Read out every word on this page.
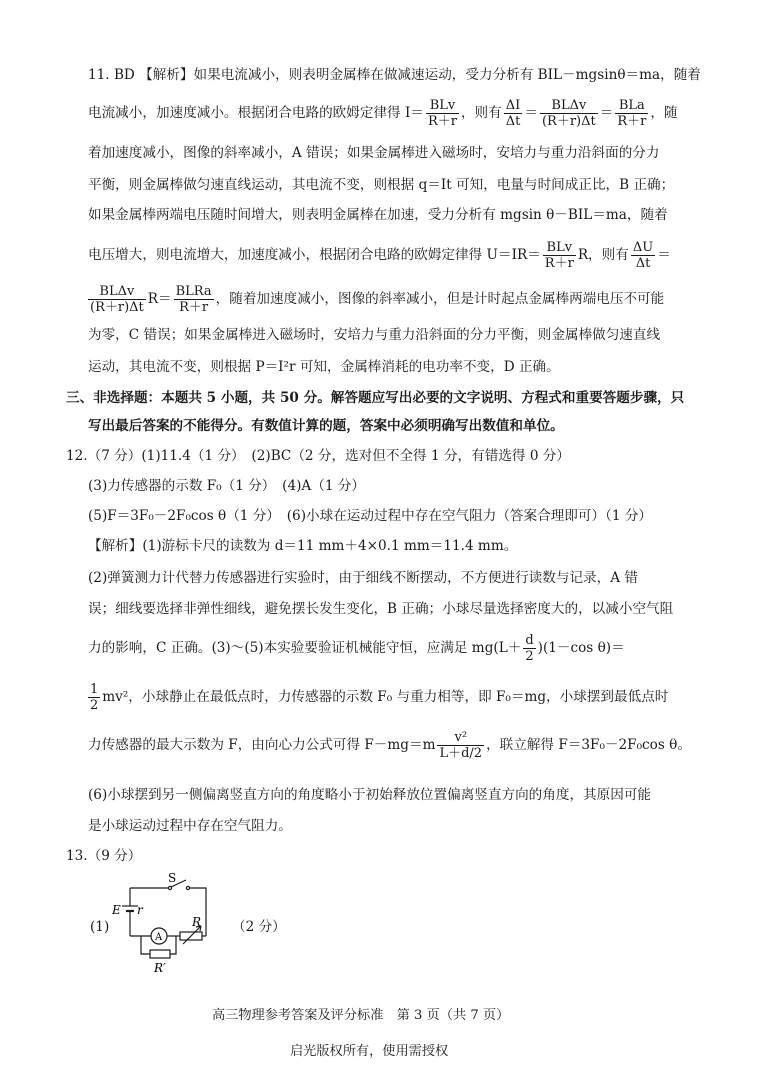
11. BD 【解析】如果电流减小，则表明金属棒在做减速运动，受力分析有 BIL－mgsinθ＝ma，随着
电流减小，加速度减小。根据闭合电路的欧姆定律得 $I= \frac{\text{BLv}}{R+r}$ ，则有 $\frac{\Delta I}{\Delta t} = \frac{\text{BLΔv}}{(R+r)\Delta t} = \frac{\text{BLa}}{R+r}$ ，随
着加速度减小，图像的斜率减小，A 错误；如果金属棒进入磁场时，安培力与重力沿斜面的分力
平衡，则金属棒做匀速直线运动，其电流不变，则根据 q＝It 可知，电量与时间成正比，B 正确；
如果金属棒两端电压随时间增大，则表明金属棒在加速，受力分析有 mgsin θ－BIL＝ma，随着
电压增大，则电流增大，加速度减小，根据闭合电路的欧姆定律得 $U=IR= \frac{\text{BLv}}{R+r}$ R，则有 $\frac{\Delta U}{\Delta t}$ ＝
$\frac{\text{BLΔv}}{(R+r)\Delta t} R= \frac{\text{BLRa}}{R+r}$ ，随着加速度减小，图像的斜率减小，但是计时起点金属棒两端电压不可能
为零，C 错误；如果金属棒进入磁场时，安培力与重力沿斜面的分力平衡，则金属棒做匀速直线
运动，其电流不变，则根据 P＝I²r 可知，金属棒消耗的电功率不变，D 正确。
三、非选择题：本题共 5 小题，共 50 分。解答题应写出必要的文字说明、方程式和重要答题步骤，只
写出最后答案的不能得分。有数值计算的题，答案中必须明确写出数值和单位。
12.（7 分）(1)11.4（1 分）　(2)BC（2 分，选对但不全得 1 分，有错选得 0 分）
(3)力传感器的示数 F₀（1 分）　(4)A（1 分）
(5)F＝3F₀－2F₀cos θ（1 分）　(6)小球在运动过程中存在空气阻力（答案合理即可）（1 分）
【解析】(1)游标卡尺的读数为 d＝11 mm＋4×0.1 mm＝11.4 mm。
(2)弹簧测力计代替力传感器进行实验时，由于细线不断摆动，不方便进行读数与记录，A 错
误；细线要选择非弹性细线，避免摆长发生变化，B 正确；小球尽量选择密度大的，以减小空气阻
力的影响，C 正确。(3)～(5)本实验要验证机械能守恒，应满足 $mg(L+ \frac{d}{2} )(1-\cos$ θ)＝
$\frac{1}{2} mv^2$，小球静止在最低点时，力传感器的示数 F₀ 与重力相等，即 F₀＝mg，小球摆到最低点时
力传感器的最大示数为 F，由向心力公式可得 $F-mg=m \frac{\text{v²}}{L+d/2}$ ，联立解得 F＝3F₀－2F₀cos θ。
(6)小球摆到另一侧偏离竖直方向的角度略小于初始释放位置偏离竖直方向的角度，其原因可能
是小球运动过程中存在空气阻力。
13.（9 分）
(1)
S
E r
A
R
R′
（2 分）
高三物理参考答案及评分标准　第 3 页（共 7 页）
启光版权所有，使用需授权
